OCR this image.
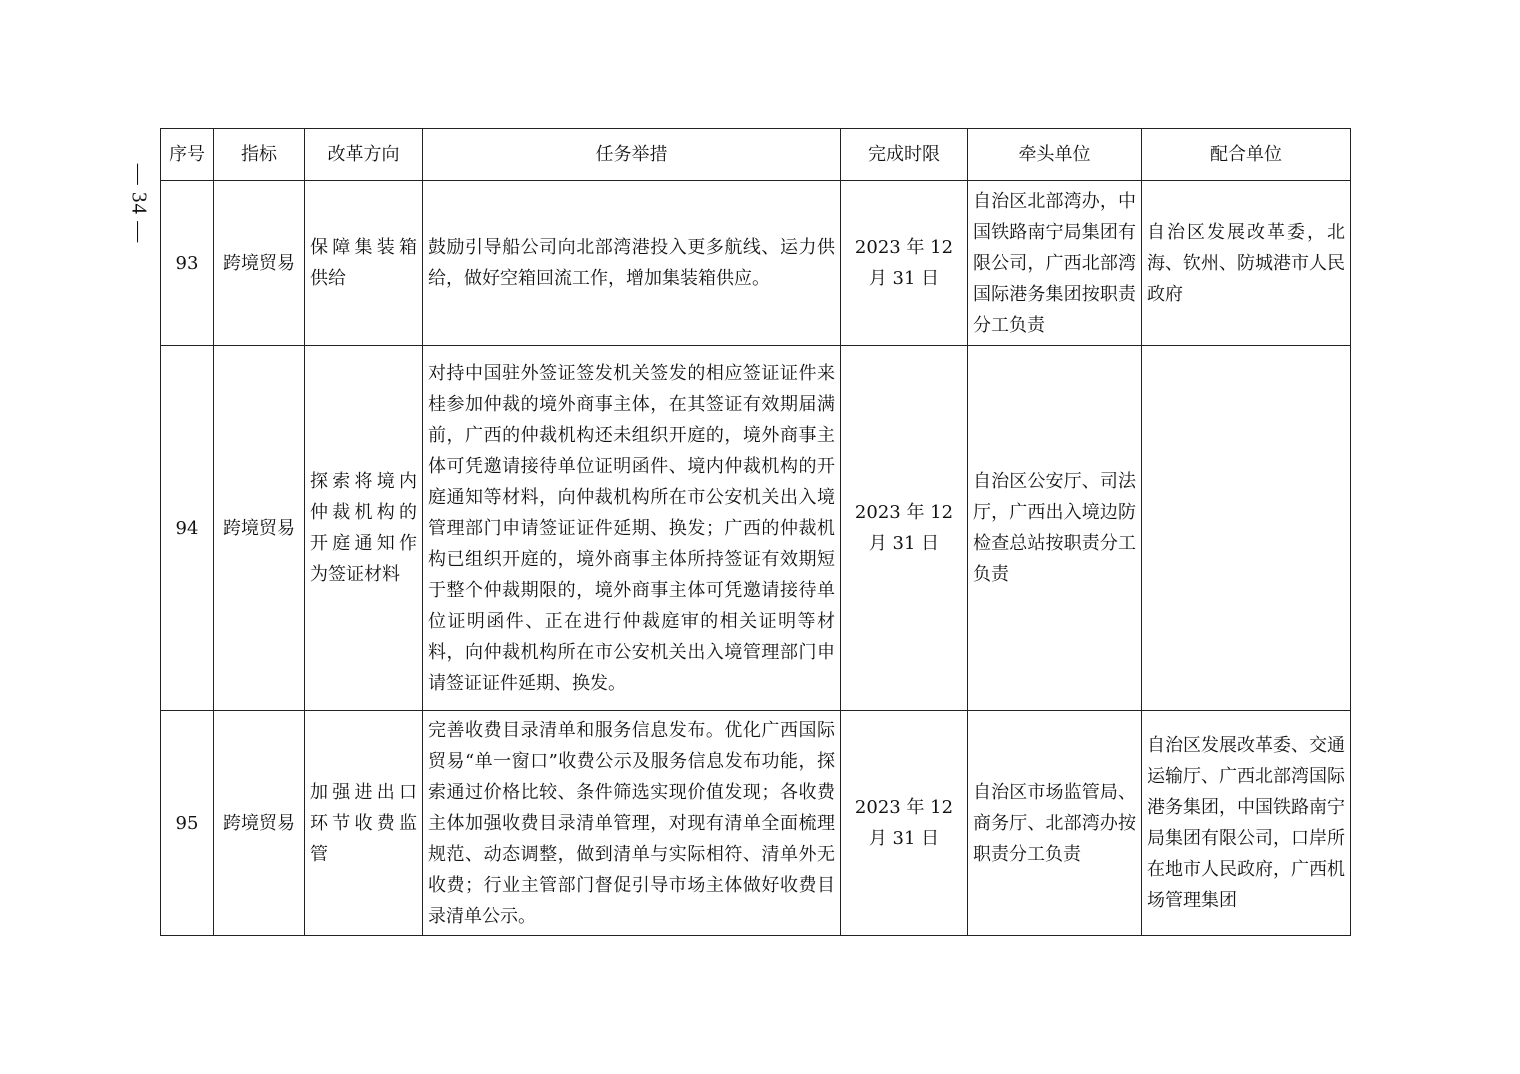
— 34 —
序号	指标	改革方向	任务举措	完成时限	牵头单位	配合单位
93	跨境贸易	保障集装箱供给	鼓励引导船公司向北部湾港投入更多航线、运力供给，做好空箱回流工作，增加集装箱供应。	2023 年 12 月 31 日	自治区北部湾办，中国铁路南宁局集团有限公司，广西北部湾国际港务集团按职责分工负责	自治区发展改革委，北海、钦州、防城港市人民政府
94	跨境贸易	探索将境内仲裁机构的开庭通知作为签证材料	对持中国驻外签证签发机关签发的相应签证证件来桂参加仲裁的境外商事主体，在其签证有效期届满前，广西的仲裁机构还未组织开庭的，境外商事主体可凭邀请接待单位证明函件、境内仲裁机构的开庭通知等材料，向仲裁机构所在市公安机关出入境管理部门申请签证证件延期、换发；广西的仲裁机构已组织开庭的，境外商事主体所持签证有效期短于整个仲裁期限的，境外商事主体可凭邀请接待单位证明函件、正在进行仲裁庭审的相关证明等材料，向仲裁机构所在市公安机关出入境管理部门申请签证证件延期、换发。	2023 年 12 月 31 日	自治区公安厅、司法厅，广西出入境边防检查总站按职责分工负责	
95	跨境贸易	加强进出口环节收费监管	完善收费目录清单和服务信息发布。优化广西国际贸易“单一窗口”收费公示及服务信息发布功能，探索通过价格比较、条件筛选实现价值发现；各收费主体加强收费目录清单管理，对现有清单全面梳理规范、动态调整，做到清单与实际相符、清单外无收费；行业主管部门督促引导市场主体做好收费目录清单公示。	2023 年 12 月 31 日	自治区市场监管局、商务厅、北部湾办按职责分工负责	自治区发展改革委、交通运输厅、广西北部湾国际港务集团，中国铁路南宁局集团有限公司，口岸所在地市人民政府，广西机场管理集团
